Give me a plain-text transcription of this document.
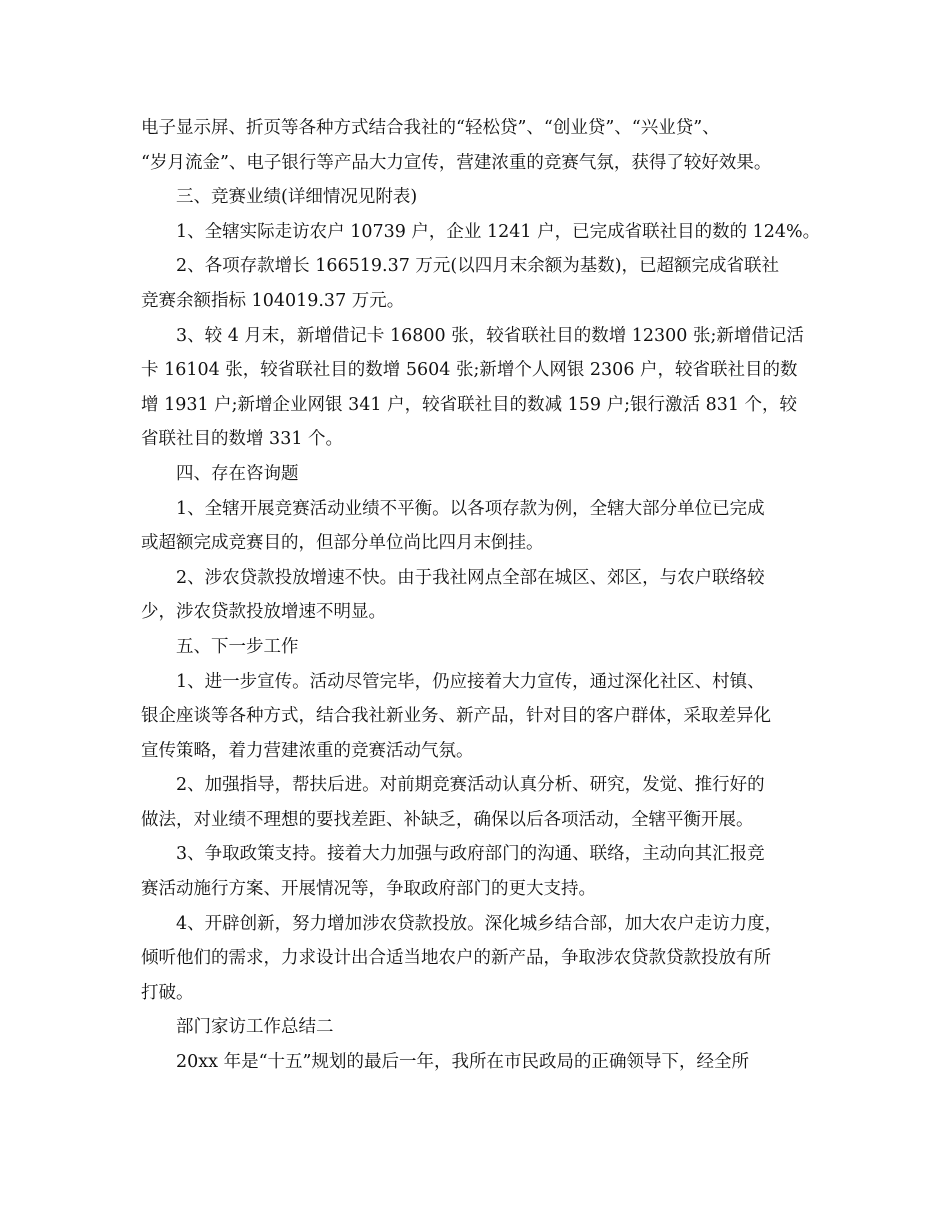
电子显示屏、折页等各种方式结合我社的“轻松贷”、“创业贷”、“兴业贷”、
“岁月流金”、电子银行等产品大力宣传，营建浓重的竞赛气氛，获得了较好效果。
三、竞赛业绩(详细情况见附表)
1、全辖实际走访农户 10739 户，企业 1241 户，已完成省联社目的数的 124%。
2、各项存款增长 166519.37 万元(以四月末余额为基数)，已超额完成省联社
竞赛余额指标 104019.37 万元。
3、较 4 月末，新增借记卡 16800 张，较省联社目的数增 12300 张;新增借记活
卡 16104 张，较省联社目的数增 5604 张;新增个人网银 2306 户，较省联社目的数
增 1931 户;新增企业网银 341 户，较省联社目的数减 159 户;银行激活 831 个，较
省联社目的数增 331 个。
四、存在咨询题
1、全辖开展竞赛活动业绩不平衡。以各项存款为例，全辖大部分单位已完成
或超额完成竞赛目的，但部分单位尚比四月末倒挂。
2、涉农贷款投放增速不快。由于我社网点全部在城区、郊区，与农户联络较
少，涉农贷款投放增速不明显。
五、下一步工作
1、进一步宣传。活动尽管完毕，仍应接着大力宣传，通过深化社区、村镇、
银企座谈等各种方式，结合我社新业务、新产品，针对目的客户群体，采取差异化
宣传策略，着力营建浓重的竞赛活动气氛。
2、加强指导，帮扶后进。对前期竞赛活动认真分析、研究，发觉、推行好的
做法，对业绩不理想的要找差距、补缺乏，确保以后各项活动，全辖平衡开展。
3、争取政策支持。接着大力加强与政府部门的沟通、联络，主动向其汇报竞
赛活动施行方案、开展情况等，争取政府部门的更大支持。
4、开辟创新，努力增加涉农贷款投放。深化城乡结合部，加大农户走访力度，
倾听他们的需求，力求设计出合适当地农户的新产品，争取涉农贷款贷款投放有所
打破。
部门家访工作总结二
20xx 年是“十五”规划的最后一年，我所在市民政局的正确领导下，经全所
